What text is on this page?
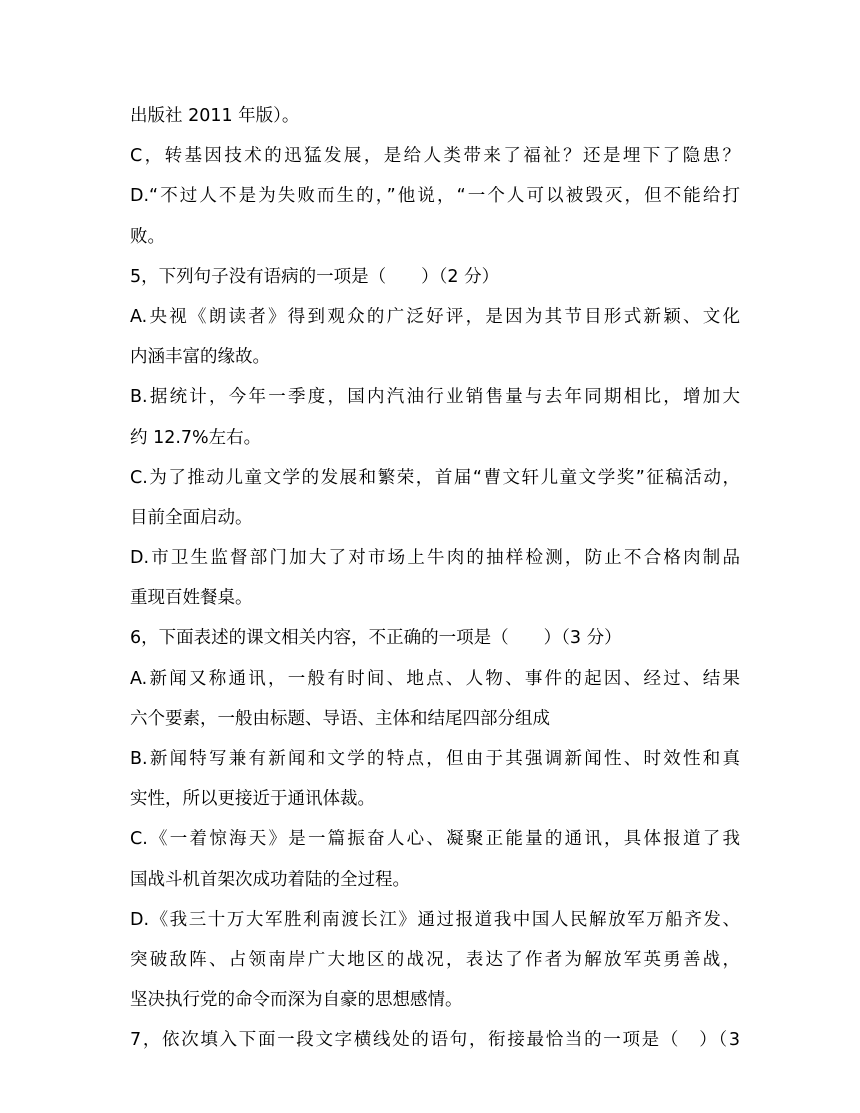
出版社 2011 年版）。
C，转基因技术的迅猛发展，是给人类带来了福祉？还是埋下了隐患？
D.“不过人不是为失败而生的，”他说，“一个人可以被毁灭，但不能给打
败。
5，下列句子没有语病的一项是（　　）（2 分）
A.央视《朗读者》得到观众的广泛好评，是因为其节目形式新颖、文化
内涵丰富的缘故。
B.据统计，今年一季度，国内汽油行业销售量与去年同期相比，增加大
约 12.7%左右。
C.为了推动儿童文学的发展和繁荣，首届“曹文轩儿童文学奖”征稿活动，
目前全面启动。
D.市卫生监督部门加大了对市场上牛肉的抽样检测，防止不合格肉制品
重现百姓餐桌。
6，下面表述的课文相关内容，不正确的一项是（　　）（3 分）
A.新闻又称通讯，一般有时间、地点、人物、事件的起因、经过、结果
六个要素，一般由标题、导语、主体和结尾四部分组成
B.新闻特写兼有新闻和文学的特点，但由于其强调新闻性、时效性和真
实性，所以更接近于通讯体裁。
C.《一着惊海天》是一篇振奋人心、凝聚正能量的通讯，具体报道了我
国战斗机首架次成功着陆的全过程。
D.《我三十万大军胜利南渡长江》通过报道我中国人民解放军万船齐发、
突破敌阵、占领南岸广大地区的战况，表达了作者为解放军英勇善战，
坚决执行党的命令而深为自豪的思想感情。
7，依次填入下面一段文字横线处的语句，衔接最恰当的一项是（　）（3
